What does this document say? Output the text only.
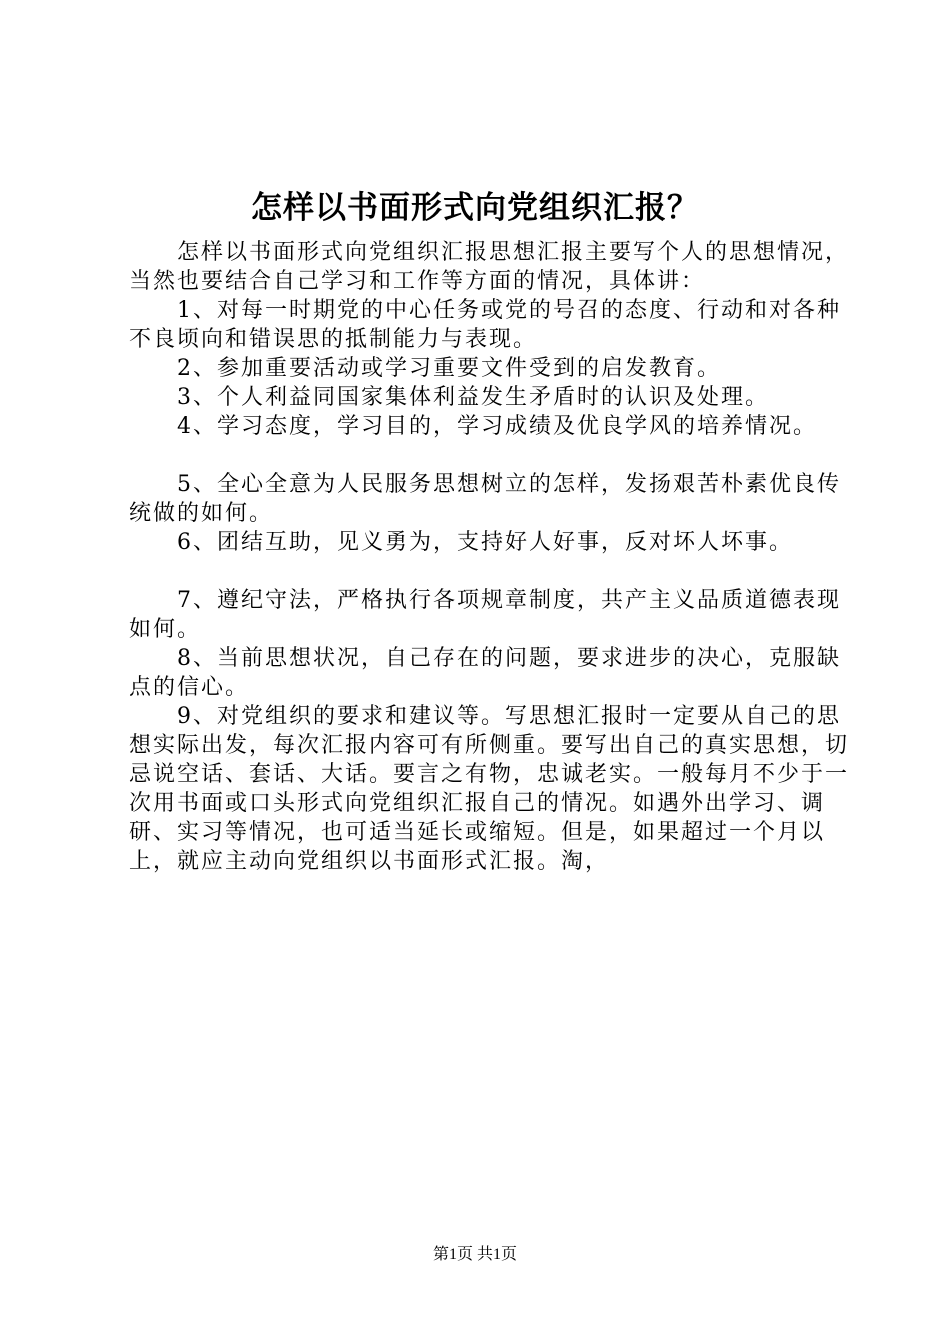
怎样以书面形式向党组织汇报？

怎样以书面形式向党组织汇报思想汇报主要写个人的思想情况，当然也要结合自己学习和工作等方面的情况，具体讲：

1、对每一时期党的中心任务或党的号召的态度、行动和对各种不良顷向和错误思的抵制能力与表现。

2、参加重要活动或学习重要文件受到的启发教育。

3、个人利益同国家集体利益发生矛盾时的认识及处理。

4、学习态度，学习目的，学习成绩及优良学风的培养情况。

5、全心全意为人民服务思想树立的怎样，发扬艰苦朴素优良传统做的如何。

6、团结互助，见义勇为，支持好人好事，反对坏人坏事。

7、遵纪守法，严格执行各项规章制度，共产主义品质道德表现如何。

8、当前思想状况，自己存在的问题，要求进步的决心，克服缺点的信心。

9、对党组织的要求和建议等。写思想汇报时一定要从自己的思想实际出发，每次汇报内容可有所侧重。要写出自己的真实思想，切忌说空话、套话、大话。要言之有物，忠诚老实。一般每月不少于一次用书面或口头形式向党组织汇报自己的情况。如遇外出学习、调研、实习等情况，也可适当延长或缩短。但是，如果超过一个月以上，就应主动向党组织以书面形式汇报。淘，

第1页 共1页
